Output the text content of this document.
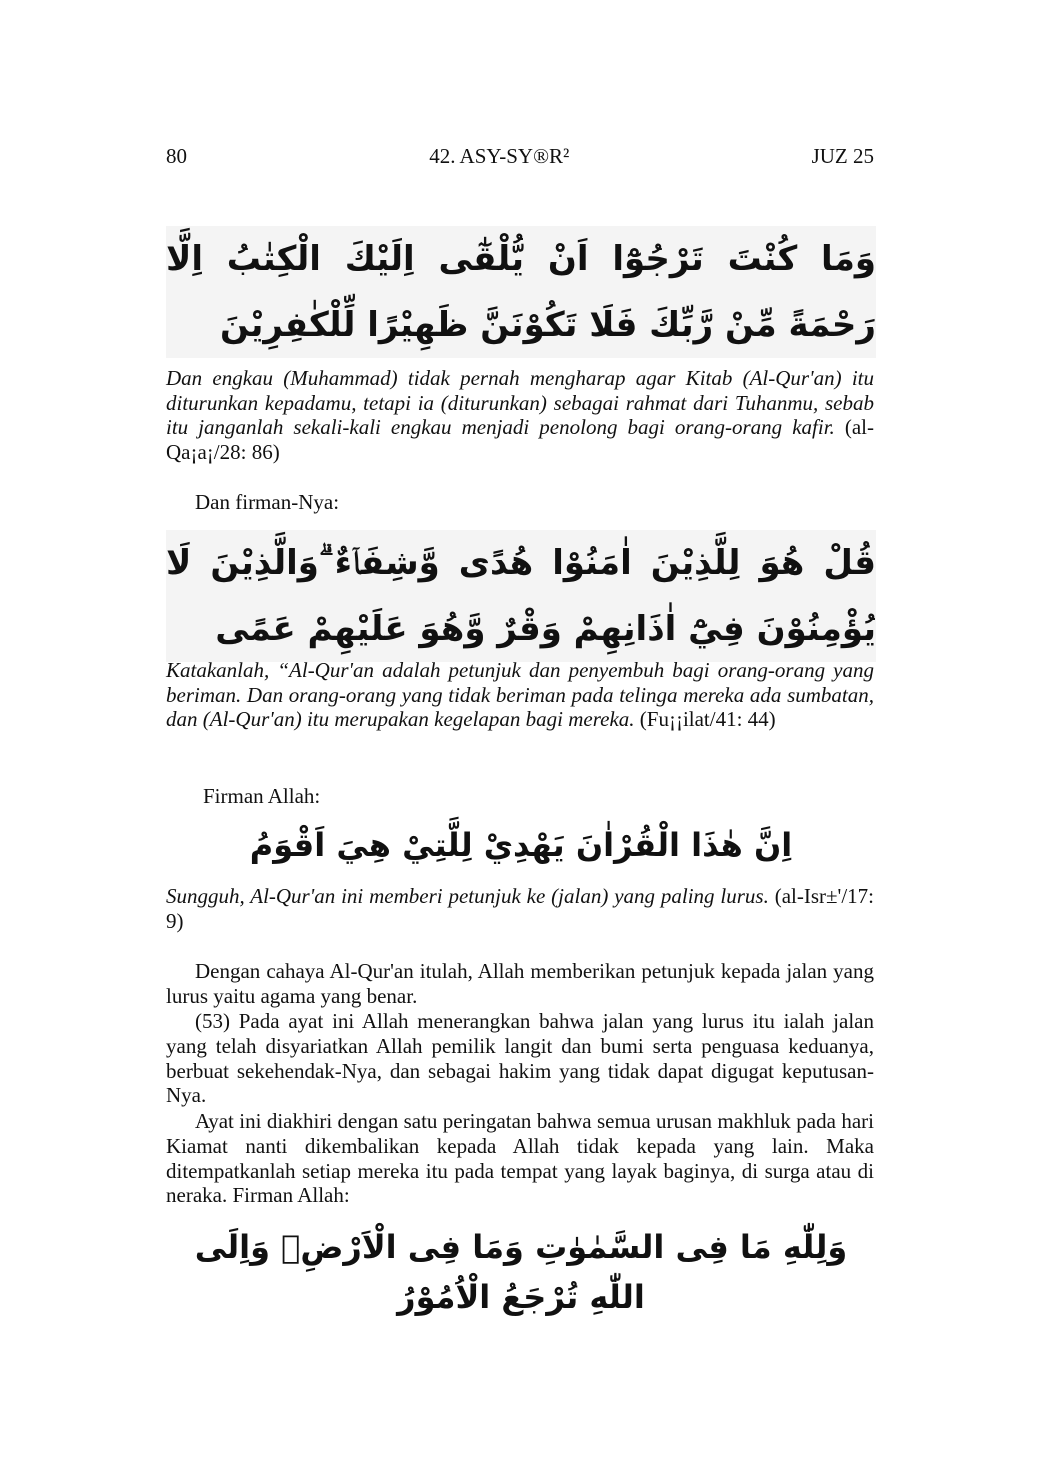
80	42. ASY-SY®R²	JUZ 25

وَمَا كُنْتَ تَرْجُوْٓا اَنْ يُّلْقٰٓى اِلَيْكَ الْكِتٰبُ اِلَّا رَحْمَةً مِّنْ رَّبِّكَ فَلَا تَكُوْنَنَّ ظَهِيْرًا لِّلْكٰفِرِيْنَ

Dan engkau (Muhammad) tidak pernah mengharap agar Kitab (Al-Qur'an) itu diturunkan kepadamu, tetapi ia (diturunkan) sebagai rahmat dari Tuhanmu, sebab itu janganlah sekali-kali engkau menjadi penolong bagi orang-orang kafir. (al-Qa¡a¡/28: 86)

Dan firman-Nya:

قُلْ هُوَ لِلَّذِيْنَ اٰمَنُوْا هُدًى وَّشِفَاۤءٌ ۗوَالَّذِيْنَ لَا يُؤْمِنُوْنَ فِيْٓ اٰذَانِهِمْ وَقْرٌ وَّهُوَ عَلَيْهِمْ عَمًى

Katakanlah, “Al-Qur'an adalah petunjuk dan penyembuh bagi orang-orang yang beriman. Dan orang-orang yang tidak beriman pada telinga mereka ada sumbatan, dan (Al-Qur'an) itu merupakan kegelapan bagi mereka. (Fu¡¡ilat/41: 44)

Firman Allah:

اِنَّ هٰذَا الْقُرْاٰنَ يَهْدِيْ لِلَّتِيْ هِيَ اَقْوَمُ

Sungguh, Al-Qur'an ini memberi petunjuk ke (jalan) yang paling lurus. (al-Isr±'/17: 9)

Dengan cahaya Al-Qur'an itulah, Allah memberikan petunjuk kepada jalan yang lurus yaitu agama yang benar.

(53) Pada ayat ini Allah menerangkan bahwa jalan yang lurus itu ialah jalan yang telah disyariatkan Allah pemilik langit dan bumi serta penguasa keduanya, berbuat sekehendak-Nya, dan sebagai hakim yang tidak dapat digugat keputusan-Nya.

Ayat ini diakhiri dengan satu peringatan bahwa semua urusan makhluk pada hari Kiamat nanti dikembalikan kepada Allah tidak kepada yang lain. Maka ditempatkanlah setiap mereka itu pada tempat yang layak baginya, di surga atau di neraka. Firman Allah:

وَلِلّٰهِ مَا فِى السَّمٰوٰتِ وَمَا فِى الْاَرْضِۗ وَاِلَى اللّٰهِ تُرْجَعُ الْاُمُوْرُ
